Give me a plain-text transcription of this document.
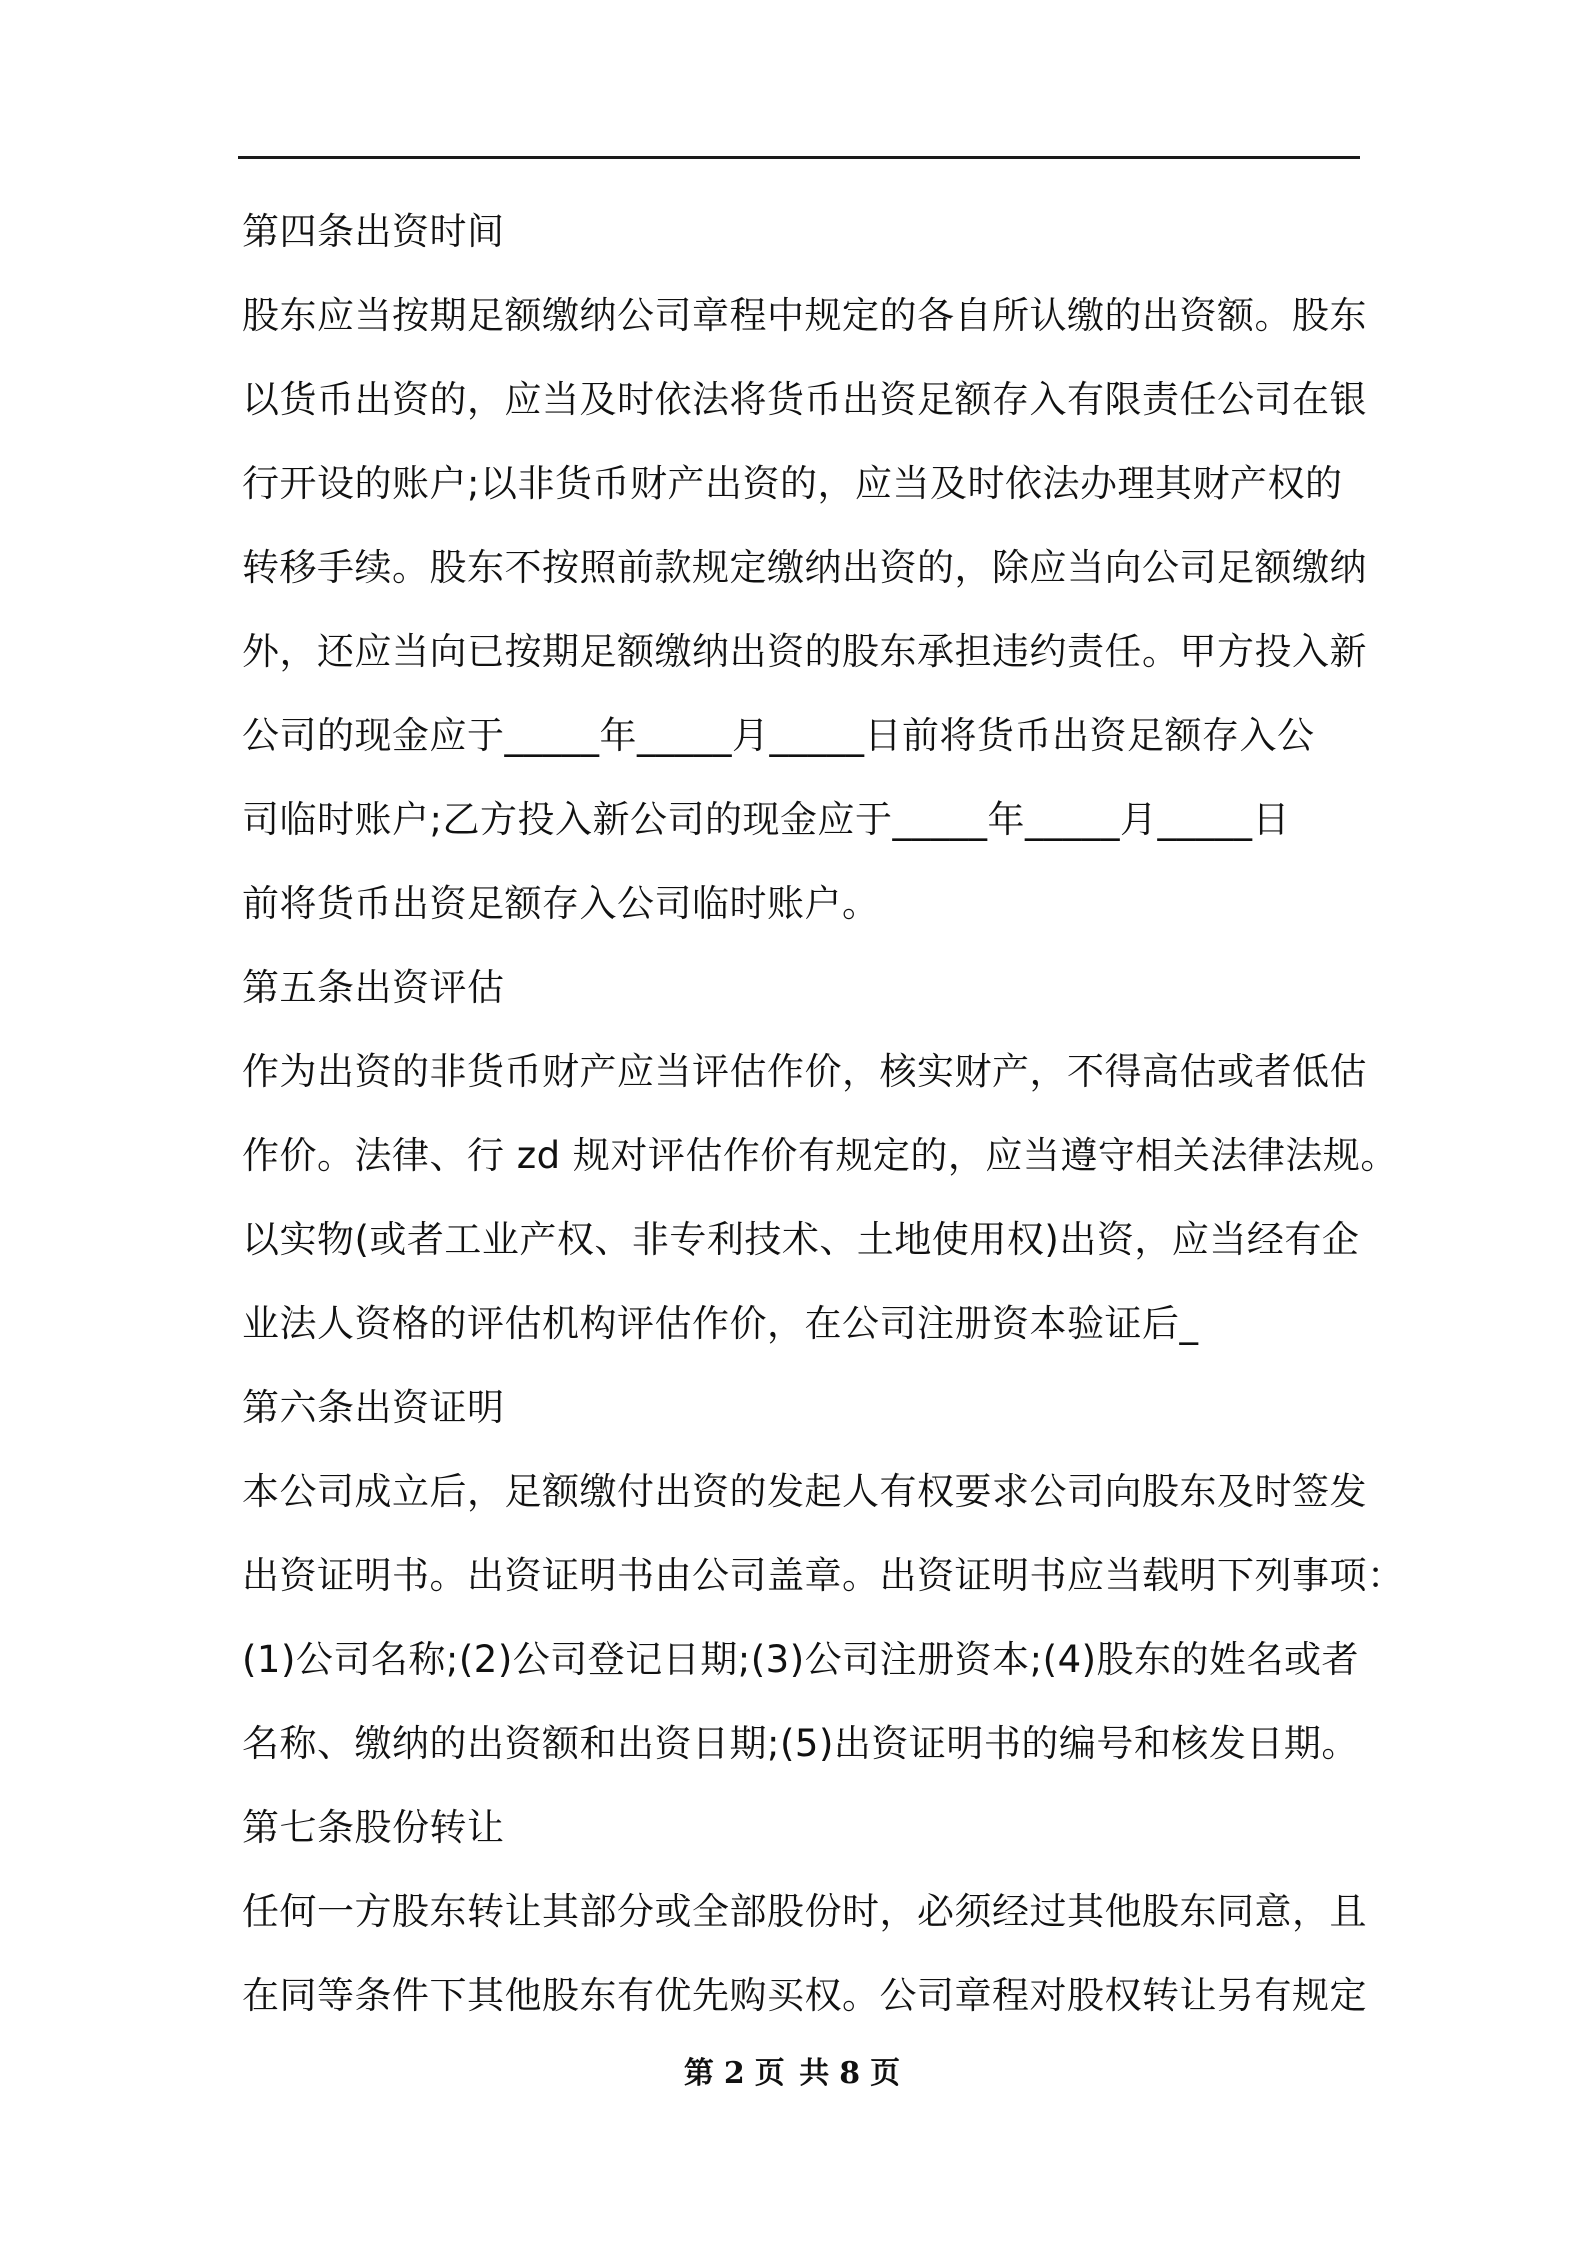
第四条出资时间
股东应当按期足额缴纳公司章程中规定的各自所认缴的出资额。股东
以货币出资的，应当及时依法将货币出资足额存入有限责任公司在银
行开设的账户;以非货币财产出资的，应当及时依法办理其财产权的
转移手续。股东不按照前款规定缴纳出资的，除应当向公司足额缴纳
外，还应当向已按期足额缴纳出资的股东承担违约责任。甲方投入新
公司的现金应于_____年_____月_____日前将货币出资足额存入公
司临时账户;乙方投入新公司的现金应于_____年_____月_____日
前将货币出资足额存入公司临时账户。
第五条出资评估
作为出资的非货币财产应当评估作价，核实财产，不得高估或者低估
作价。法律、行 zd 规对评估作价有规定的，应当遵守相关法律法规。
以实物(或者工业产权、非专利技术、土地使用权)出资，应当经有企
业法人资格的评估机构评估作价，在公司注册资本验证后_
第六条出资证明
本公司成立后，足额缴付出资的发起人有权要求公司向股东及时签发
出资证明书。出资证明书由公司盖章。出资证明书应当载明下列事项：
(1)公司名称;(2)公司登记日期;(3)公司注册资本;(4)股东的姓名或者
名称、缴纳的出资额和出资日期;(5)出资证明书的编号和核发日期。
第七条股份转让
任何一方股东转让其部分或全部股份时，必须经过其他股东同意，且
在同等条件下其他股东有优先购买权。公司章程对股权转让另有规定
第 2 页 共 8 页
